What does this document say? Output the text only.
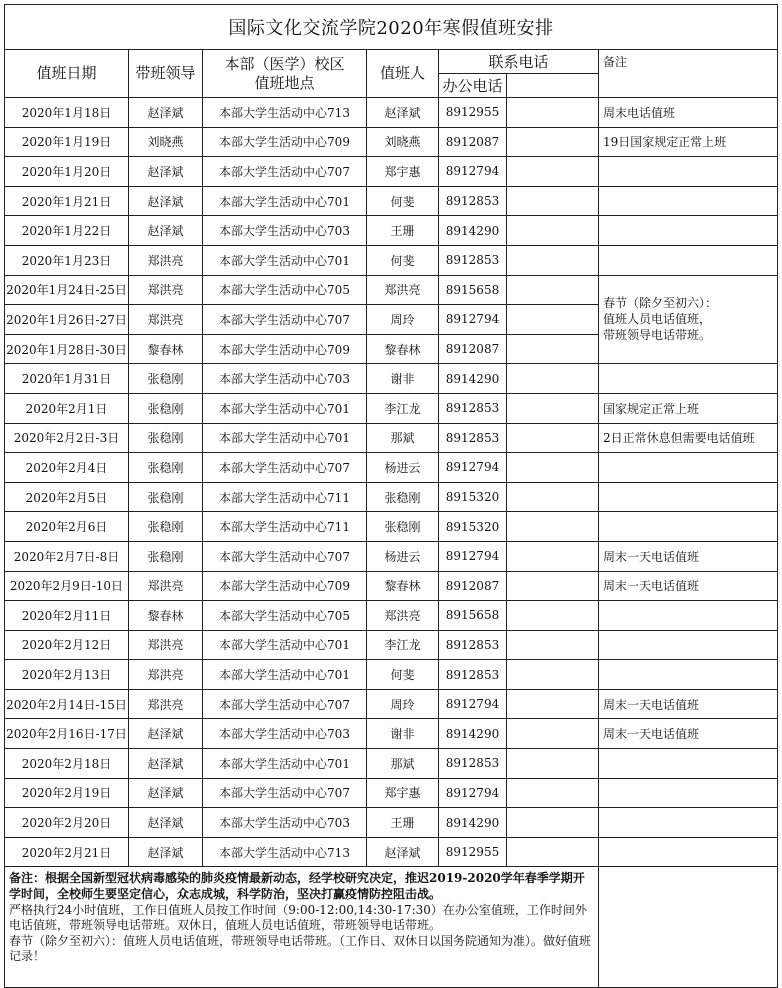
国际文化交流学院2020年寒假值班安排						
值班日期	带班领导	本部（医学）校区
值班地点	值班人	联系电话		备注
				办公电话		
2020年1月18日	赵泽斌	本部大学生活动中心713	赵泽斌	8912955		周末电话值班
2020年1月19日	刘晓燕	本部大学生活动中心709	刘晓燕	8912087		19日国家规定正常上班
2020年1月20日	赵泽斌	本部大学生活动中心707	郑宇惠	8912794		
2020年1月21日	赵泽斌	本部大学生活动中心701	何斐	8912853		
2020年1月22日	赵泽斌	本部大学生活动中心703	王珊	8914290		
2020年1月23日	郑洪亮	本部大学生活动中心701	何斐	8912853		
2020年1月24日-25日	郑洪亮	本部大学生活动中心705	郑洪亮	8915658		春节（除夕至初六）：
值班人员电话值班，
带班领导电话带班。

2020年1月26日-27日	郑洪亮	本部大学生活动中心707	周玲	8912794		
2020年1月28日-30日	黎春林	本部大学生活动中心709	黎春林	8912087		
2020年1月31日	张稳刚	本部大学生活动中心703	谢非	8914290		
2020年2月1日	张稳刚	本部大学生活动中心701	李江龙	8912853		国家规定正常上班
2020年2月2日-3日	张稳刚	本部大学生活动中心701	那斌	8912853		2日正常休息但需要电话值班
2020年2月4日	张稳刚	本部大学生活动中心707	杨进云	8912794		
2020年2月5日	张稳刚	本部大学生活动中心711	张稳刚	8915320		
2020年2月6日	张稳刚	本部大学生活动中心711	张稳刚	8915320		
2020年2月7日-8日	张稳刚	本部大学生活动中心707	杨进云	8912794		周末一天电话值班
2020年2月9日-10日	郑洪亮	本部大学生活动中心709	黎春林	8912087		周末一天电话值班
2020年2月11日	黎春林	本部大学生活动中心705	郑洪亮	8915658		
2020年2月12日	郑洪亮	本部大学生活动中心701	李江龙	8912853		
2020年2月13日	郑洪亮	本部大学生活动中心701	何斐	8912853		
2020年2月14日-15日	郑洪亮	本部大学生活动中心707	周玲	8912794		周末一天电话值班
2020年2月16日-17日	赵泽斌	本部大学生活动中心703	谢非	8914290		周末一天电话值班
2020年2月18日	赵泽斌	本部大学生活动中心701	那斌	8912853		
2020年2月19日	赵泽斌	本部大学生活动中心707	郑宇惠	8912794		
2020年2月20日	赵泽斌	本部大学生活动中心703	王珊	8914290		
2020年2月21日	赵泽斌	本部大学生活动中心713	赵泽斌	8912955		

备注：根据全国新型冠状病毒感染的肺炎疫情最新动态，经学校研究决定，推迟2019-2020学年春季学期开学时间，全校师生要坚定信心，众志成城，科学防治，坚决打赢疫情防控阻击战。
严格执行24小时值班，工作日值班人员按工作时间（9:00-12:00,14:30-17:30）在办公室值班，工作时间外电话值班，带班领导电话带班。双休日，值班人员电话值班，带班领导电话带班。
春节（除夕至初六）：值班人员电话值班，带班领导电话带班。（工作日、双休日以国务院通知为准）。做好值班记录！						
